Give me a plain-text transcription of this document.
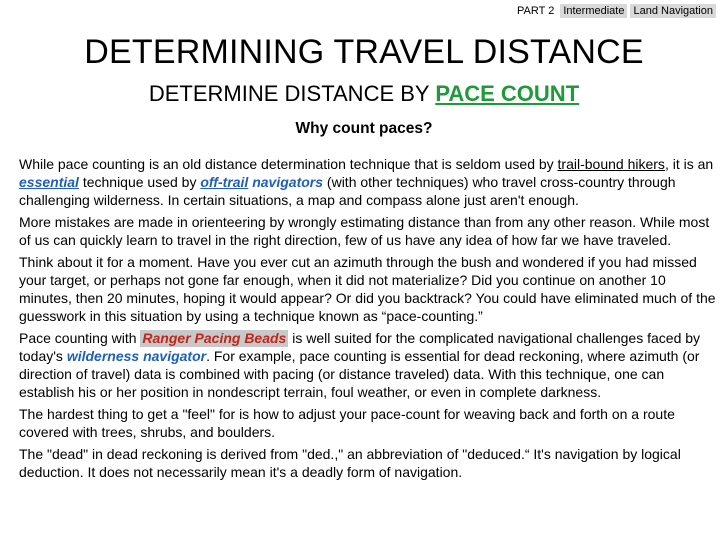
PART 2 Intermediate Land Navigation
DETERMINING TRAVEL DISTANCE
DETERMINE DISTANCE BY PACE COUNT
Why count paces?

While pace counting is an old distance determination technique that is seldom used by trail-bound hikers, it is an essential technique used by off-trail navigators (with other techniques) who travel cross-country through challenging wilderness. In certain situations, a map and compass alone just aren't enough.

More mistakes are made in orienteering by wrongly estimating distance than from any other reason. While most of us can quickly learn to travel in the right direction, few of us have any idea of how far we have traveled.

Think about it for a moment. Have you ever cut an azimuth through the bush and wondered if you had missed your target, or perhaps not gone far enough, when it did not materialize? Did you continue on another 10 minutes, then 20 minutes, hoping it would appear? Or did you backtrack? You could have eliminated much of the guesswork in this situation by using a technique known as “pace-counting.”

Pace counting with Ranger Pacing Beads is well suited for the complicated navigational challenges faced by today's wilderness navigator. For example, pace counting is essential for dead reckoning, where azimuth (or direction of travel) data is combined with pacing (or distance traveled) data. With this technique, one can establish his or her position in nondescript terrain, foul weather, or even in complete darkness.

The hardest thing to get a "feel" for is how to adjust your pace-count for weaving back and forth on a route covered with trees, shrubs, and boulders.

The "dead" in dead reckoning is derived from "ded.," an abbreviation of "deduced.“ It's navigation by logical deduction. It does not necessarily mean it's a deadly form of navigation.
